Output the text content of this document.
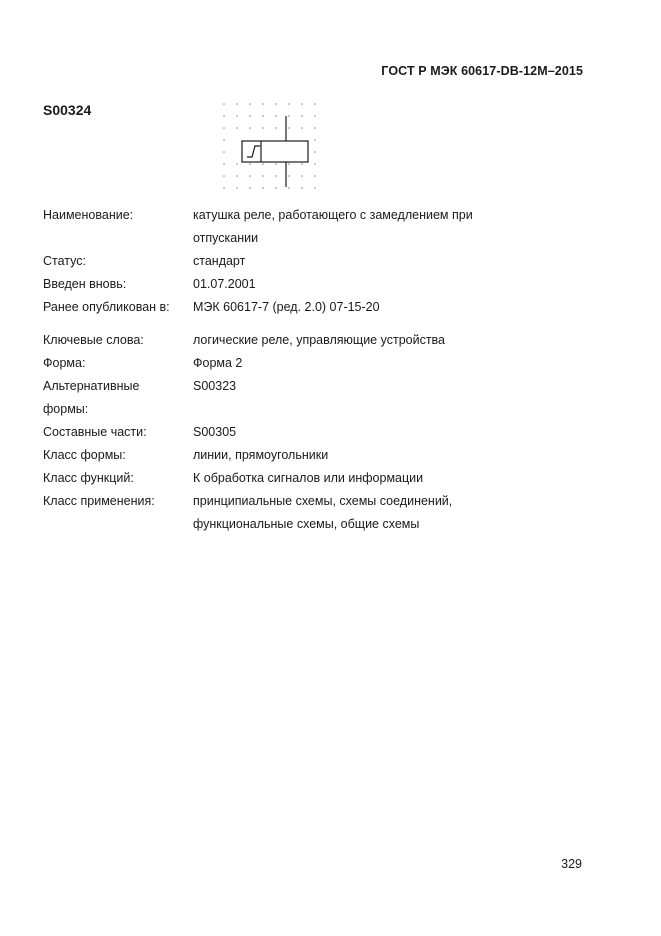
ГОСТ Р МЭК 60617-DB-12M–2015
S00324
Наименование:	катушка реле, работающего с замедлением при
отпускании
Статус:	стандарт
Введен вновь:	01.07.2001
Ранее опубликован в:	МЭК 60617-7 (ред. 2.0) 07-15-20
Ключевые слова:	логические реле, управляющие устройства
Форма:	Форма 2
Альтернативные
формы:
S00323
Составные части:	S00305
Класс формы:	линии, прямоугольники
Класс функций:	К обработка сигналов или информации
Класс применения:	принципиальные схемы, схемы соединений,
функциональные схемы, общие схемы
329
